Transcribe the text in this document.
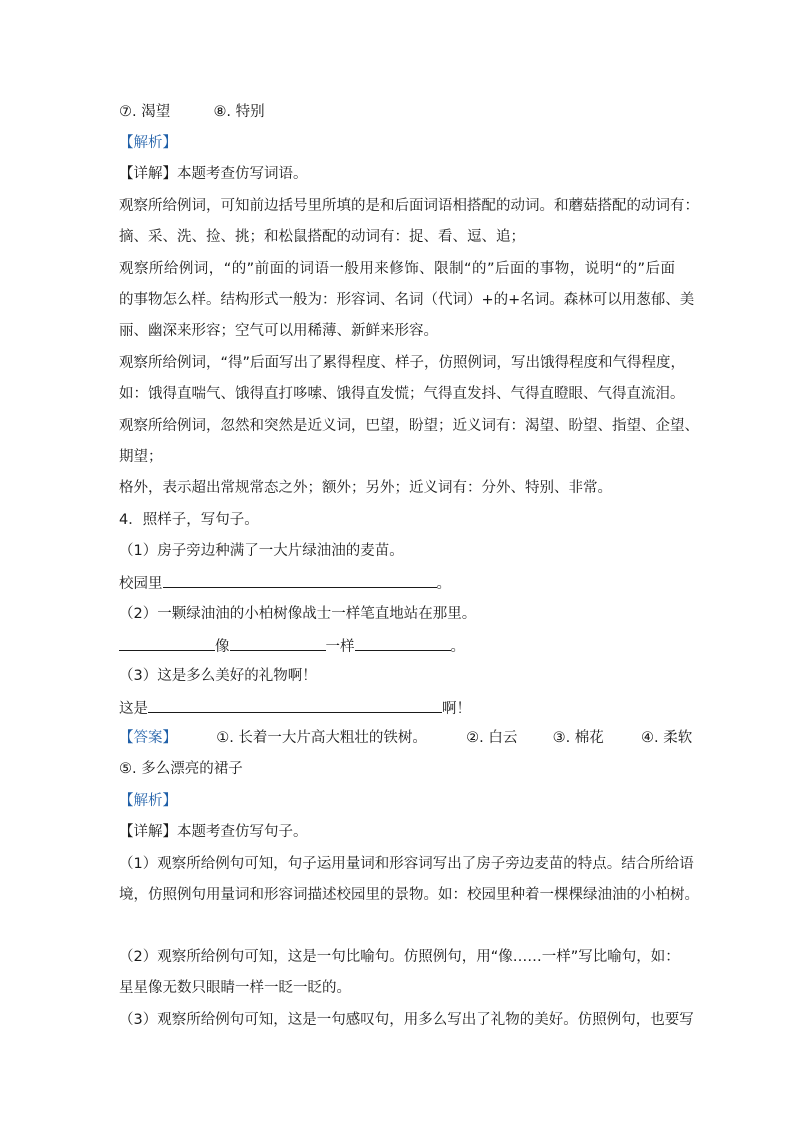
⑦. 渴望	⑧. 特别
【解析】
【详解】本题考查仿写词语。
观察所给例词，可知前边括号里所填的是和后面词语相搭配的动词。和蘑菇搭配的动词有：
摘、采、洗、捡、挑；和松鼠搭配的动词有：捉、看、逗、追；
观察所给例词，“的”前面的词语一般用来修饰、限制“的”后面的事物，说明“的”后面
的事物怎么样。结构形式一般为：形容词、名词（代词）+的+名词。森林可以用葱郁、美
丽、幽深来形容；空气可以用稀薄、新鲜来形容。
观察所给例词，“得”后面写出了累得程度、样子，仿照例词，写出饿得程度和气得程度，
如：饿得直喘气、饿得直打哆嗦、饿得直发慌；气得直发抖、气得直瞪眼、气得直流泪。
观察所给例词，忽然和突然是近义词，巴望，盼望；近义词有：渴望、盼望、指望、企望、
期望；
格外，表示超出常规常态之外；额外；另外；近义词有：分外、特别、非常。
4．照样子，写句子。
（1）房子旁边种满了一大片绿油油的麦苗。
校园里	。
（2）一颗绿油油的小柏树像战士一样笔直地站在那里。
像	一样	。
（3）这是多么美好的礼物啊！
这是	啊！
【答案】	①. 长着一大片高大粗壮的铁树。	②. 白云 ③. 棉花	④. 柔软
⑤. 多么漂亮的裙子
【解析】
【详解】本题考查仿写句子。
（1）观察所给例句可知，句子运用量词和形容词写出了房子旁边麦苗的特点。结合所给语
境，仿照例句用量词和形容词描述校园里的景物。如：校园里种着一棵棵绿油油的小柏树。
（2）观察所给例句可知，这是一句比喻句。仿照例句，用“像……一样”写比喻句，如：
星星像无数只眼睛一样一眨一眨的。
（3）观察所给例句可知，这是一句感叹句，用多么写出了礼物的美好。仿照例句，也要写
